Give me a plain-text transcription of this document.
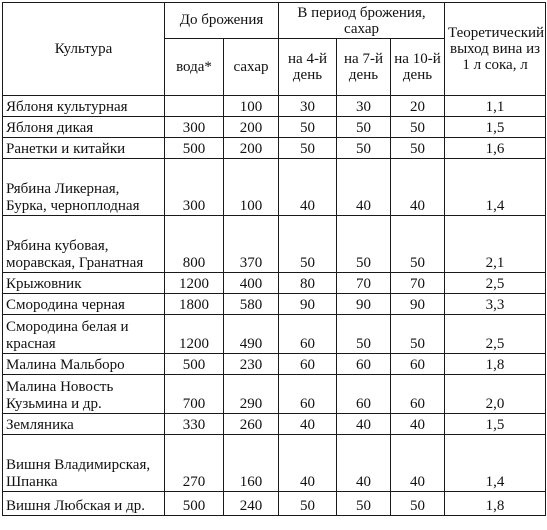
Культура	До брожения		В период брожения, сахар			Теоретический выход вина из 1 л сока, л
	вода*	сахар	на 4-й день	на 7-й день	на 10-й день	
Яблоня культурная		100	30	30	20	1,1
Яблоня дикая	300	200	50	50	50	1,5
Ранетки и китайки	500	200	50	50	50	1,6
Рябина Ликерная, Бурка, черноплодная	300	100	40	40	40	1,4
Рябина кубовая, моравская, Гранатная	800	370	50	50	50	2,1
Крыжовник	1200	400	80	70	70	2,5
Смородина черная	1800	580	90	90	90	3,3
Смородина белая и красная	1200	490	60	50	50	2,5
Малина Мальборо	500	230	60	60	60	1,8
Малина Новость Кузьмина и др.	700	290	60	60	60	2,0
Земляника	330	260	40	40	40	1,5
Вишня Владимирская, Шпанка	270	160	40	40	40	1,4
Вишня Любская и др.	500	240	50	50	50	1,8
